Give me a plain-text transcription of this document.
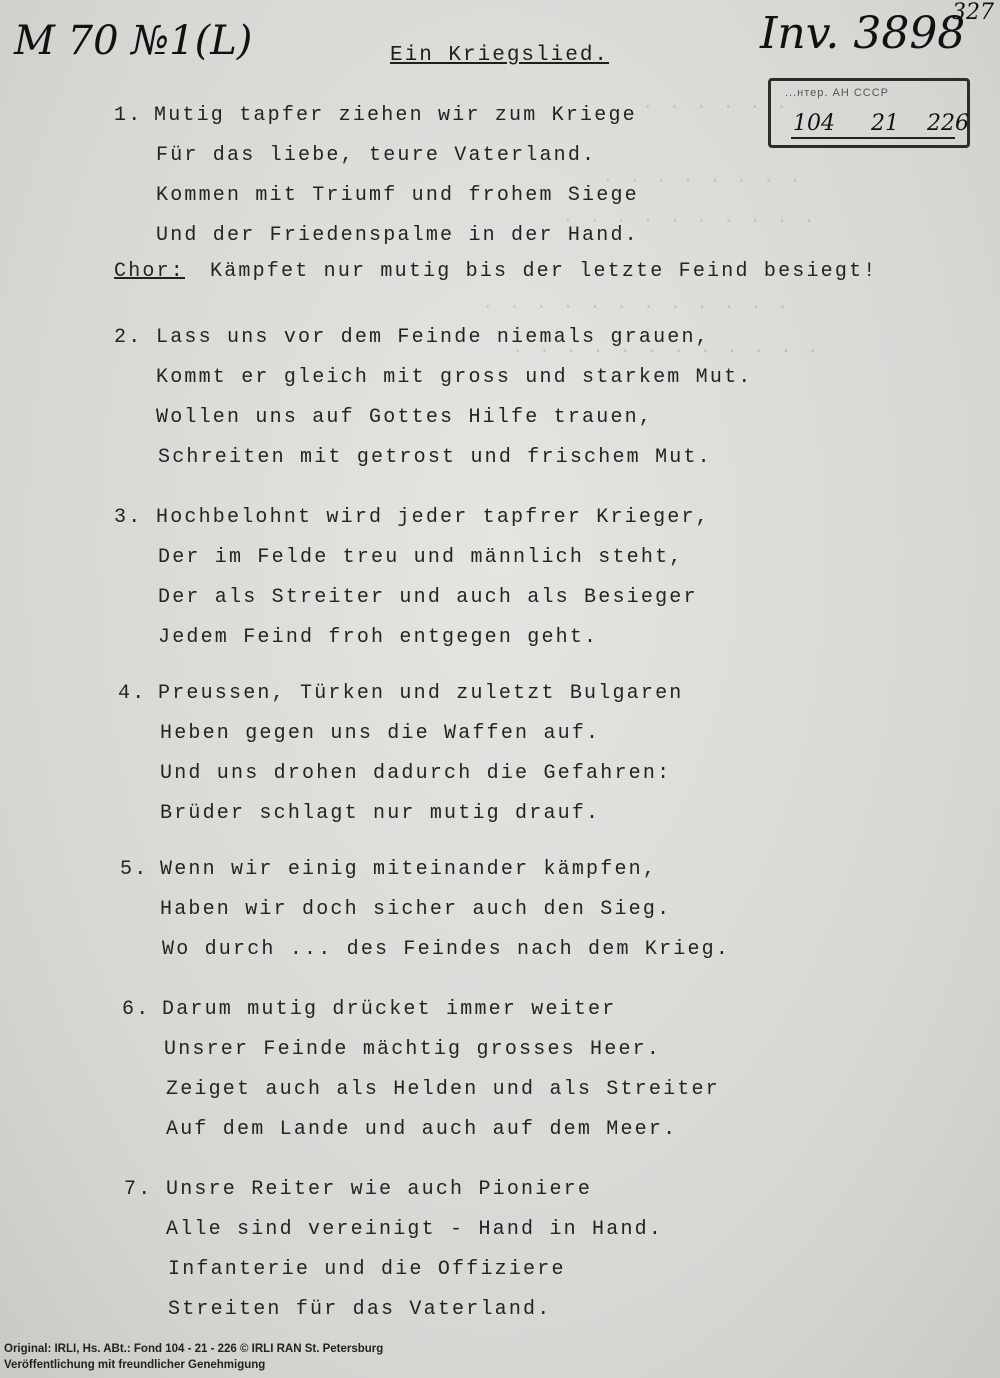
· · · · · ·
· · · · · · · ·
· · · · · · · · · ·
· · · · · · · · · · · ·
· · · · · · · · · · · ·
M 70 №1(L)	Inv. 3898
327
Ein Kriegslied.
...нтер. АН СССР
104 21 226
1. Mutig tapfer ziehen wir zum Kriege
Für das liebe, teure Vaterland.
Kommen mit Triumf und frohem Siege
Und der Friedenspalme in der Hand.
Chor: Kämpfet nur mutig bis der letzte Feind besiegt!
2. Lass uns vor dem Feinde niemals grauen,
Kommt er gleich mit gross und starkem Mut.
Wollen uns auf Gottes Hilfe trauen,
Schreiten mit getrost und frischem Mut.
3. Hochbelohnt wird jeder tapfrer Krieger,
Der im Felde treu und männlich steht,
Der als Streiter und auch als Besieger
Jedem Feind froh entgegen geht.
4. Preussen, Türken und zuletzt Bulgaren
Heben gegen uns die Waffen auf.
Und uns drohen dadurch die Gefahren:
Brüder schlagt nur mutig drauf.
5. Wenn wir einig miteinander kämpfen,
Haben wir doch sicher auch den Sieg.
Wo durch ... des Feindes nach dem Krieg.
6. Darum mutig drücket immer weiter
Unsrer Feinde mächtig grosses Heer.
Zeiget auch als Helden und als Streiter
Auf dem Lande und auch auf dem Meer.
7. Unsre Reiter wie auch Pioniere
Alle sind vereinigt - Hand in Hand.
Infanterie und die Offiziere
Streiten für das Vaterland.
Original: IRLI, Hs. ABt.: Fond 104 - 21 - 226 © IRLI RAN St. Petersburg
Veröffentlichung mit freundlicher Genehmigung
